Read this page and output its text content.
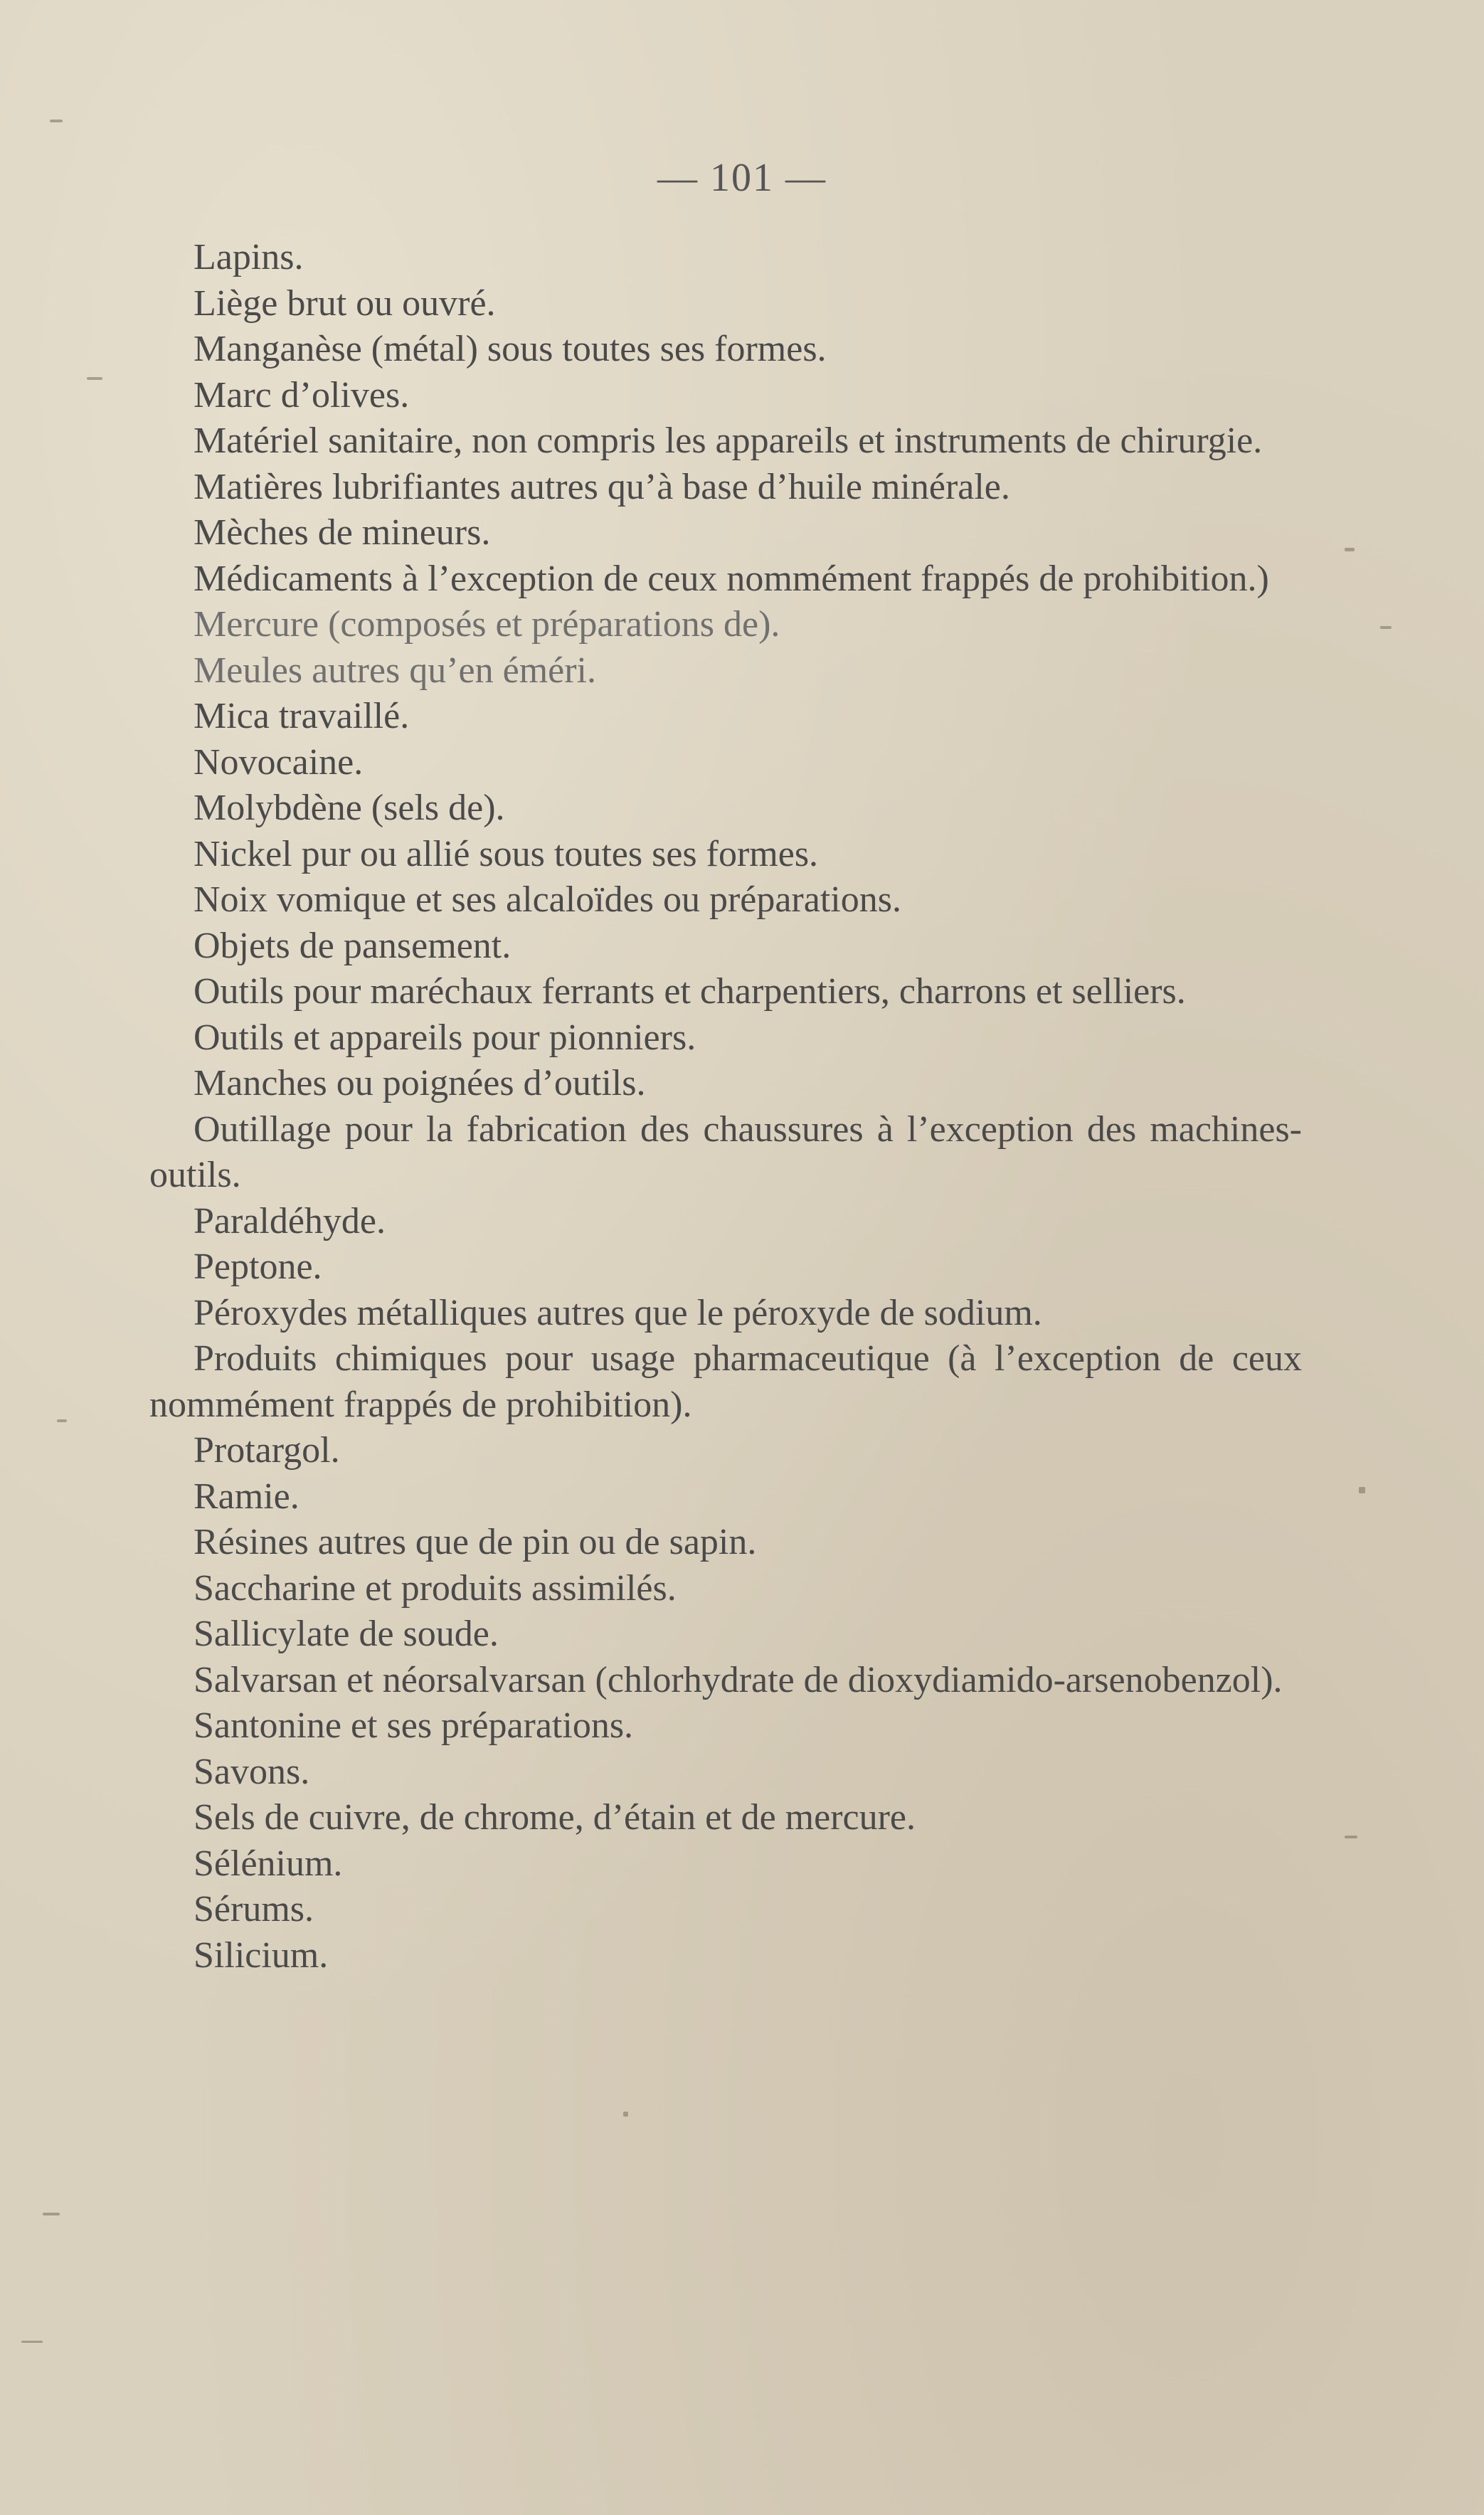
— 101 —

Lapins.

Liège brut ou ouvré.

Manganèse (métal) sous toutes ses formes.

Marc d’olives.

Matériel sanitaire, non compris les appareils et instruments de chirurgie.

Matières lubrifiantes autres qu’à base d’huile minérale.

Mèches de mineurs.

Médicaments à l’exception de ceux nommément frappés de prohibition.)

Mercure (composés et préparations de).

Meules autres qu’en éméri.

Mica travaillé.

Novocaine.

Molybdène (sels de).

Nickel pur ou allié sous toutes ses formes.

Noix vomique et ses alcaloïdes ou préparations.

Objets de pansement.

Outils pour maréchaux ferrants et charpentiers, charrons et selliers.

Outils et appareils pour pionniers.

Manches ou poignées d’outils.

Outillage pour la fabrication des chaussures à l’exception des machines-outils.

Paraldéhyde.

Peptone.

Péroxydes métalliques autres que le péroxyde de sodium.

Produits chimiques pour usage pharmaceutique (à l’exception de ceux nommément frappés de prohibition).

Protargol.

Ramie.

Résines autres que de pin ou de sapin.

Saccharine et produits assimilés.

Sallicylate de soude.

Salvarsan et néorsalvarsan (chlorhydrate de dioxydiamido-arsenobenzol).

Santonine et ses préparations.

Savons.

Sels de cuivre, de chrome, d’étain et de mercure.

Sélénium.

Sérums.

Silicium.
